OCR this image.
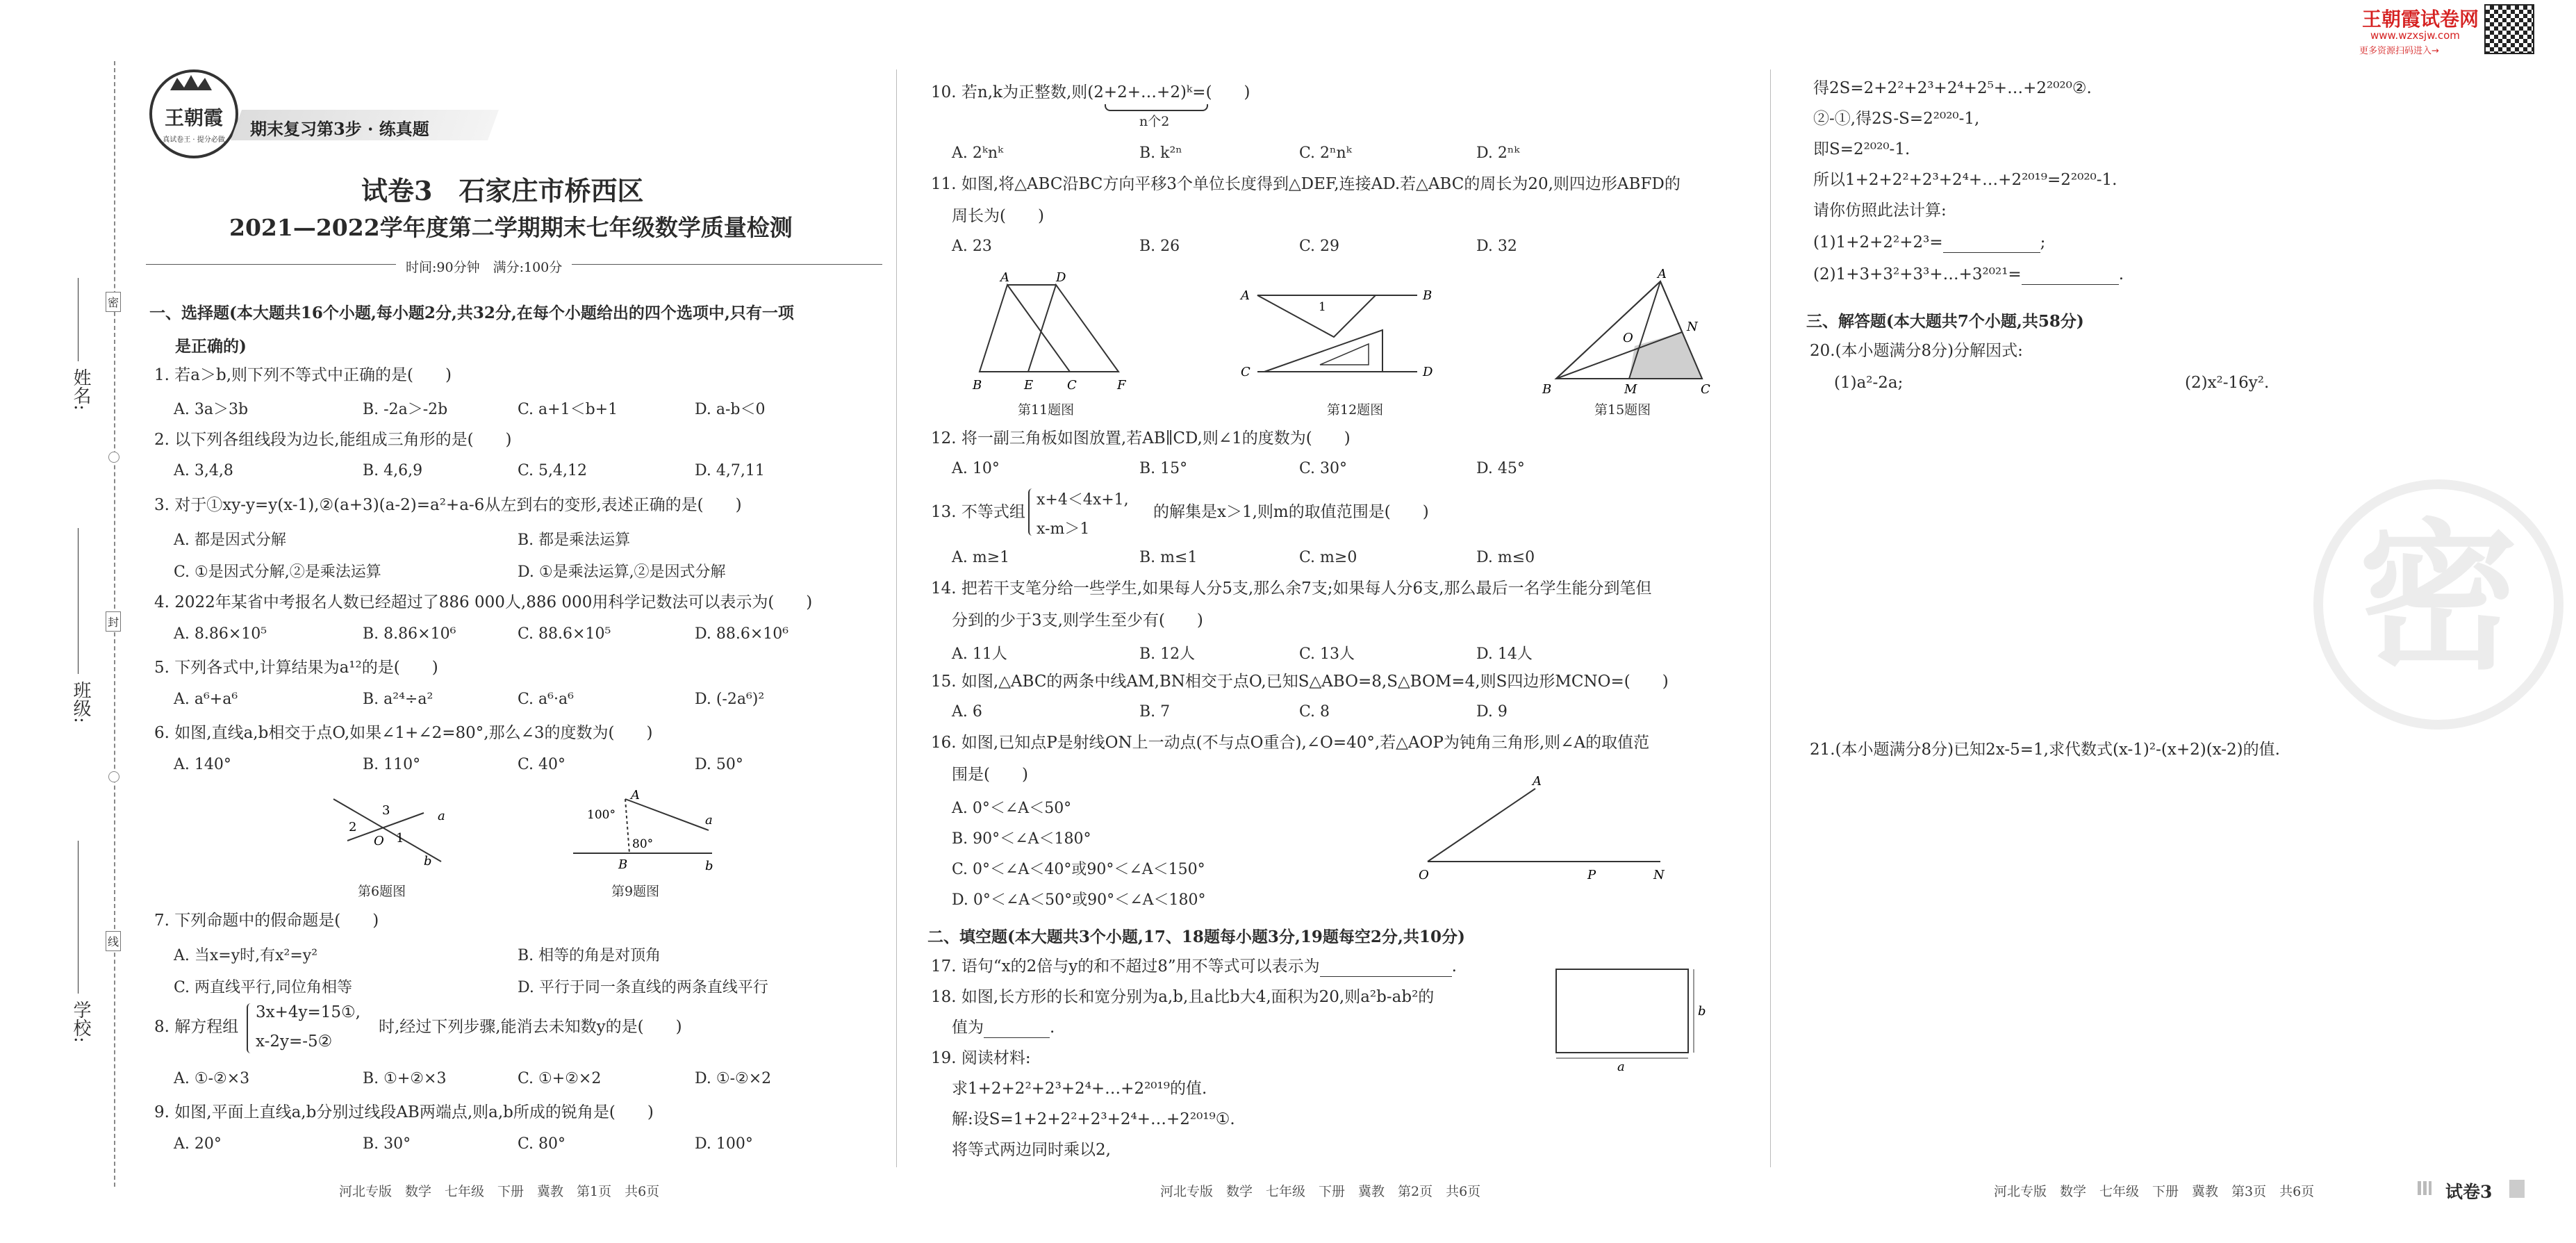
姓名:
班级:
学校:
密
封
线
王朝霞
真试卷王 · 提分必做
期末复习第3步 · 练真题
试卷3　石家庄市桥西区
2021—2022学年度第二学期期末七年级数学质量检测
时间:90分钟　满分:100分
王朝霞试卷网
www.wzxsjw.com
更多资源扫码进入→
一、选择题(本大题共16个小题,每小题2分,共32分,在每个小题给出的四个选项中,只有一项
是正确的)
1. 若a＞b,则下列不等式中正确的是(　　)
A. 3a＞3b	B. -2a＞-2b	C. a+1＜b+1	D. a-b＜0
2. 以下列各组线段为边长,能组成三角形的是(　　)
A. 3,4,8	B. 4,6,9	C. 5,4,12	D. 4,7,11
3. 对于①xy-y=y(x-1),②(a+3)(a-2)=a²+a-6从左到右的变形,表述正确的是(　　)
A. 都是因式分解	B. 都是乘法运算
C. ①是因式分解,②是乘法运算	D. ①是乘法运算,②是因式分解
4. 2022年某省中考报名人数已经超过了886 000人,886 000用科学记数法可以表示为(　　)
A. 8.86×10⁵	B. 8.86×10⁶	C. 88.6×10⁵	D. 88.6×10⁶
5. 下列各式中,计算结果为a¹²的是(　　)
A. a⁶+a⁶	B. a²⁴÷a²	C. a⁶·a⁶	D. (-2a⁶)²
6. 如图,直线a,b相交于点O,如果∠1+∠2=80°,那么∠3的度数为(　　)
A. 140°	B. 110°	C. 40°	D. 50°
3
2
O 1
a
b
第6题图
A
100°
80°
B
a
b
第9题图
7. 下列命题中的假命题是(　　)
A. 当x=y时,有x²=y²	B. 相等的角是对顶角
C. 两直线平行,同位角相等	D. 平行于同一条直线的两条直线平行
8. 解方程组
3x+4y=15①,
x-2y=-5②
时,经过下列步骤,能消去未知数y的是(　　)
A. ①-②×3	B. ①+②×3	C. ①+②×2	D. ①-②×2
9. 如图,平面上直线a,b分别过线段AB两端点,则a,b所成的锐角是(　　)
A. 20°	B. 30°	C. 80°	D. 100°
河北专版　数学　七年级　下册　冀教　第1页　共6页
10. 若n,k为正整数,则(2+2+…+2)ᵏ=(　　)
n个2
A. 2ᵏnᵏ	B. k²ⁿ	C. 2ⁿnᵏ	D. 2ⁿᵏ
11. 如图,将△ABC沿BC方向平移3个单位长度得到△DEF,连接AD.若△ABC的周长为20,则四边形ABFD的
周长为(　　)
A. 23	B. 26	C. 29	D. 32
A	D
B	E	C	F
第11题图
A
1
B
C	D
第12题图
A
N
O
B	M	C
第15题图
12. 将一副三角板如图放置,若AB∥CD,则∠1的度数为(　　)
A. 10°	B. 15°	C. 30°	D. 45°
13. 不等式组
x+4＜4x+1,
x-m＞1
的解集是x＞1,则m的取值范围是(　　)
A. m≥1	B. m≤1	C. m≥0	D. m≤0
14. 把若干支笔分给一些学生,如果每人分5支,那么余7支;如果每人分6支,那么最后一名学生能分到笔但
分到的少于3支,则学生至少有(　　)
A. 11人	B. 12人	C. 13人	D. 14人
15. 如图,△ABC的两条中线AM,BN相交于点O,已知S△ABO=8,S△BOM=4,则S四边形MCNO=(　　)
A. 6	B. 7	C. 8	D. 9
16. 如图,已知点P是射线ON上一动点(不与点O重合),∠O=40°,若△AOP为钝角三角形,则∠A的取值范
围是(　　)
A. 0°＜∠A＜50°
B. 90°＜∠A＜180°
C. 0°＜∠A＜40°或90°＜∠A＜150°
D. 0°＜∠A＜50°或90°＜∠A＜180°
A
O	P	N
二、填空题(本大题共3个小题,17、18题每小题3分,19题每空2分,共10分)
17. 语句“x的2倍与y的和不超过8”用不等式可以表示为	.
18. 如图,长方形的长和宽分别为a,b,且a比b大4,面积为20,则a²b-ab²的
值为	.
a
b
19. 阅读材料:
求1+2+2²+2³+2⁴+…+2²⁰¹⁹的值.
解:设S=1+2+2²+2³+2⁴+…+2²⁰¹⁹①.
将等式两边同时乘以2,
河北专版　数学　七年级　下册　冀教　第2页　共6页
得2S=2+2²+2³+2⁴+2⁵+…+2²⁰²⁰②.
②-①,得2S-S=2²⁰²⁰-1,
即S=2²⁰²⁰-1.
所以1+2+2²+2³+2⁴+…+2²⁰¹⁹=2²⁰²⁰-1.
请你仿照此法计算:
(1)1+2+2²+2³=	;
(2)1+3+3²+3³+…+3²⁰²¹=	.
三、解答题(本大题共7个小题,共58分)
20.(本小题满分8分)分解因式:
(1)a²-2a;	(2)x²-16y².
21.(本小题满分8分)已知2x-5=1,求代数式(x-1)²-(x+2)(x-2)的值.
密
河北专版　数学　七年级　下册　冀教　第3页　共6页	试卷3
